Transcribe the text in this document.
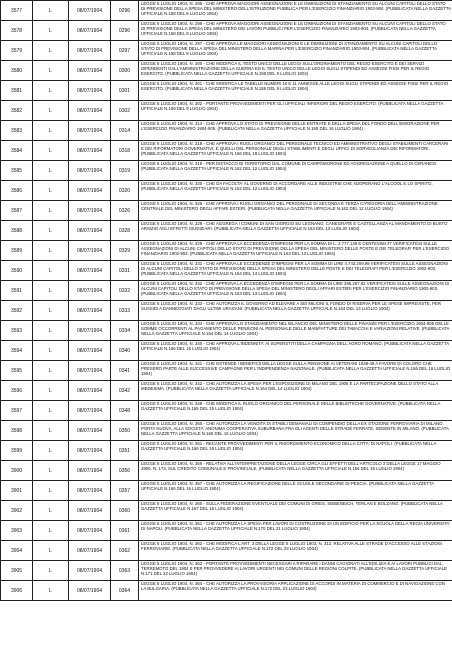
3577	L	08/07/1904	0296	LEGGE 5 LUGLIO 1904, N. 295 - CHE APPROVA MAGGIORI ASSEGNAZIONI E LE DIMINUZIONI DI STANZIAMENTO SU ALCUNI CAPITOLI DELLO STATO DI PREVISIONE DELLA SPESA DEL MINISTERO DELL'ISTRUZIONE PUBBLICA PER L'ESERCIZIO FINANZIARIO 1903-904. (PUBBLICATA NELLA GAZZETTA UFFICIALE N.158 DEL 8 LUGLIO 1904)

3578	L	08/07/1904	0296	LEGGE 5 LUGLIO 1904, N. 296 - CHE APPROVA MAGGIORI ASSEGNAZIONI E LE DIMINUZIONI DI STANZIAMENTO SU ALCUNI CAPITOLI DELLO STATO DI PREVISIONE DELLA SPESA DEL MINISTERO DEI LAVORI PUBBLICI PER L'ESERCIZIO FINANZIARIO 1903-904. (PUBBLICATA NELLA GAZZETTA UFFICIALE N.158 DEL 8 LUGLIO 1904)

3579	L	08/07/1904	0297	LEGGE 5 LUGLIO 1904, N. 297 - CHE APPROVA LE MAGGIORI ASSEGNAZIONI E LE DIMINUZIONI DI STANZIAMENTO SU ALCUNI CAPITOLI DELLO STATO DI PREVISIONE DELLA SPESA DEL MINISTERO DELLA MARINA PER L'ESERCIZIO FINANZIARIO 1903-904. (PUBBLICATA NELLA GAZZETTA UFFICIALE N.158 DEL 8 LUGLIO 1904)

3580	L	08/07/1904	0300	LEGGE 5 LUGLIO 1904, N. 300 - CHE MODIFICA IL TESTO UNICO DELLE LEGGI SULL'ORDINAMENTO DEL REGIO ESERCITO E DEI SERVIZI DIPENDENTI DALL'AMMINISTRAZIONE DELLA GUERRA ED IL TESTO UNICO DELLE LEGGI SUGLI STIPENDI ED ASSEGNI FISSI PER IL REGIO ESERCITO. (PUBBLICATA NELLA GAZZETTA UFFICIALE N.159 DEL 9 LUGLIO 1904)

3581	L	08/07/1904	0301	LEGGE 5 LUGLIO 1904, N. 301 - CHE MODIFICA LE TABELLE NUMERI 10 E 11 ANNESSE ALLE LEGGI SUGLI STIPENDI ED ASSEGNI FISSI PER IL REGIO ESERCITO. (PUBBLICATA NELLA GAZZETTA UFFICIALE N.159 DEL 9 LUGLIO 1904)

3582	L	08/07/1904	0302	LEGGE 5 LUGLIO 1904, N. 302 - PORTANTE PROVVEDIMENTI PER GLI UFFICIALI INFERIORI DEL REGIO ESERCITO. (PUBBLICATA NELLA GAZZETTA UFFICIALE N.159 DEL 9 LUGLIO 1904)

3583	L	08/07/1904	0314	LEGGE 5 LUGLIO 1904, N. 314 - CHE APPROVA LO STATO DI PREVISIONE DELLE ENTRATE E DELLA SPESA DEL FONDO DELL'EMIGRAZIONE PER L'ESERCIZIO FINANZIARIO 1904-905. (PUBBLICATA NELLA GAZZETTA UFFICIALE N.165 DEL 16 LUGLIO 1904)

3584	L	08/07/1904	0318	LEGGE 5 LUGLIO 1904, N. 318 - CHE APPROVA I RUOLI ORGANICI DEL PERSONALE TECNICO ED AMMINISTRATIVO DEGLI STABILIMENTI CARCERARI E DEI RIFORMATORI GOVERNATIVI, E QUELLI DEL PERSONALE DEGLI STABILIMENTI E DEGLI UFFICI DI SORVEGLIANZA DEI RIFORMATORI. (PUBBLICATA NELLA GAZZETTA UFFICIALE N.166 DEL 18 LUGLIO 1904)

3585	L	08/07/1904	0319	LEGGE 5 LUGLIO 1904, N. 319 - PER DISTACCO DI TERRITORIO DAL COMUNE DI CAMPOMORONE ED AGGREGAZIONE A QUELLO DI CERANESI. (PUBBLICATA NELLA GAZZETTA UFFICIALE N.162 DEL 12 LUGLIO 1904)

3586	L	08/07/1904	0320	LEGGE 5 LUGLIO 1904, N. 320 - CHE DA FACOLTA' AL GOVERNO DI ACCORDARE ALLE INDUSTRIE CHE ADOPERANO L'ALCOOL E LO SPIRITO. (PUBBLICATA NELLA GAZZETTA UFFICIALE N.162 DEL 12 LUGLIO 1904)

3587	L	08/07/1904	0326	LEGGE 5 LUGLIO 1904, N. 326 - CHE APPROVA I RUOLI ORGANICI DEL PERSONALE DI SECONDA E TERZA CATEGORIA DELL'AMMINISTRAZIONE CENTRALE DEL MINISTERO DEGLI AFFARI ESTERI. (PUBBLICATA NELLA GAZZETTA UFFICIALE N.162 DEL 12 LUGLIO 1904)

3588	L	08/07/1904	0328	LEGGE 5 LUGLIO 1904, N. 328 - CHE AGGREGA I COMUNI DI SAN GIORGIO SU LEGNANO, CANEGRATE E CASTELLANZA AL MANDAMENTO DI BUSTO ARSIZIO AGLI EFFETTI GIUDIZIARI. (PUBBLICATA NELLA GAZZETTA UFFICIALE N.163 DEL 13 LUGLIO 1904)

3589	L	08/07/1904	0329	LEGGE 5 LUGLIO 1904, N. 329 - CHE APPROVA LA ECCEDENZA D'IMPEGNI PER LA SOMMA DI L. 2.777.148 E CENTESIMI 47 VERIFICATESI SULLE ASSEGNAZIONI DI ALCUNI CAPITOLI DELLO STATO DI PREVISIONE DELLA SPESA DEL MINISTERO DELLE POSTE E DEI TELEGRAFI PER L'ESERCIZIO FINANZIARIO 1902-903. (PUBBLICATA NELLA GAZZETTA UFFICIALE N.163 DEL 13 LUGLIO 1904)

3590	L	08/07/1904	0331	LEGGE 5 LUGLIO 1904, N. 331 - CHE APPROVA LE ECCEDENZE D'IMPEGNI PER LA SOMMA DI LIRE 4.743.209,99 VERIFICATESI SULLE ASSEGNAZIONI DI ALCUNI CAPITOLI DELLO STATO DI PREVISIONE DELLA SPESA DEL MINISTERO DELLE POSTE E DEI TELEGRAFI PER L'ESERCIZIO 1902-903. (PUBBLICATA NELLA GAZZETTA UFFICIALE N.164 DEL 14 LUGLIO 1904)

3591	L	08/07/1904	0332	LEGGE 5 LUGLIO 1904, N. 332 - CHE APPROVA LA ECCEDENZA D'IMPEGNI PER LA SOMMA DI LIRE 295.267,92 VERIFICATESI SULLE ASSEGNAZIONI DI ALCUNI CAPITOLI DELLO STATO DI PREVISIONE DELLA SPESA DEL MINISTERO DEGLI AFFARI ESTERI PER L'ESERCIZIO FINANZIARIO 1902-903. (PUBBLICATA NELLA GAZZETTA UFFICIALE N.163 DEL 13 LUGLIO 1904)

3592	L	08/07/1904	0333	LEGGE 5 LUGLIO 1904, N. 333 - CHE AUTORIZZA IL GOVERNO AD ELEVARE A SEI MILIONI IL FONDO DI RISERVA PER LE SPESE IMPREVISTE, PER SUSSIDI A DANNEGGIATI DAGLI ULTIMI URAGANI. (PUBBLICATA NELLA GAZZETTA UFFICIALE N.163 DEL 13 LUGLIO 1904)

3593	L	08/07/1904	0334	LEGGE 5 LUGLIO 1904, N. 334 - CHE APPROVA LO STANZIAMENTO NEL BILANCIO DEL MINISTERO DELLE FINANZE PER L'ESERCIZIO 1904-905 DELLE SOMME OCCORRENTI AL PAGAMENTO DELLE PENSIONI AL PERSONALE DELLE MANIFATTURE DEI TABACCHI E VARIAZIONI RELATIVE. (PUBBLICATA NELLA GAZZETTA UFFICIALE N.164 DEL 14 LUGLIO 1904)

3594	L	08/07/1904	0340	LEGGE 5 LUGLIO 1904, N. 340 - CHE APPROVA L'INDENNITA' AI SUPERSTITI DELLA CAMPAGNA DELL'AGRO ROMANO. (PUBBLICATA NELLA GAZZETTA UFFICIALE N.166 DEL 16 LUGLIO 1904)

3595	L	08/07/1904	0341	LEGGE 5 LUGLIO 1904, N. 341 - CHE ESTENDE I BENEFICII DELLA LEGGE SULLA PENSIONE AI VETERANI 1848-49 A FAVORE DI COLORO CHE PRESERO PARTE ALLE SUCCESSIVE CAMPAGNE PER L'INDIPENDENZA NAZIONALE. (PUBBLICATA NELLA GAZZETTA UFFICIALE N.166 DEL 16 LUGLIO 1904)

3596	L	08/07/1904	0342	LEGGE 5 LUGLIO 1904, N. 342 - CHE AUTORIZZA LA SPESA PER L'ESPOSIZIONE DI MILANO DEL 1906 E LA PARTECIPAZIONE DELLO STATO ALLA MEDESIMA. (PUBBLICATA NELLA GAZZETTA UFFICIALE N.164 DEL 14 LUGLIO 1904)

3597	L	08/07/1904	0348	LEGGE 5 LUGLIO 1904, N. 348 - CHE MODIFICA IL RUOLO ORGANICO DEL PERSONALE DELLE BIBLIOTECHE GOVERNATIVE. (PUBBLICATA NELLA GAZZETTA UFFICIALE N.165 DEL 15 LUGLIO 1904)

3598	L	08/07/1904	0350	LEGGE 5 LUGLIO 1904, N. 350 - CHE AUTORIZZA LA VENDITA DI STABILI DEMANIALI DI COMPENDIO DELLA EX STAZIONE FERROVIARIA DI MILANO, PORTA NUOVA, ALLA SOCIETA' ANONIMA COOPERATIVA SUBURBANA FRA GLI AGENTI DELLE STRADE FERRATE. SEDENTE IN MILANO. (PUBBLICATA NELLA GAZZETTA UFFICIALE N.166 DEL 16 LUGLIO 1904)

3599	L	08/07/1904	0351	LEGGE 5 LUGLIO 1904, N. 351 - RECANTE PROVVEDIMENTI PER IL RISORGIMENTO ECONOMICO DELLA CITTA' DI NAPOLI. (PUBBLICATA NELLA GAZZETTA UFFICIALE N.166 DEL 16 LUGLIO 1904)

3900	L	08/07/1904	0356	LEGGE 5 LUGLIO 1904, N. 356 - RELATIVA ALL'INTERPRETAZIONE DELLA LEGGE CIRCA GLI EFFETTI DELL'ARTICOLO 3 DELLA LEGGE 17 MAGGIO 1900, N. 173, SUL CREDITO COMUNALE E PROVINCIALE. (PUBBLICATA NELLA GAZZETTA UFFICIALE N.166 DEL 16 LUGLIO 1904)

3901	L	08/07/1904	0357	LEGGE 5 LUGLIO 1904, N. 357 - CHE AUTORIZZA LA REGIFICAZIONE DELLE SCUOLE SECONDARIE DI PESCIA. (PUBBLICATA NELLA GAZZETTA UFFICIALE N.166 DEL 16 LUGLIO 1904)

3902	L	08/07/1904	0360	LEGGE 5 LUGLIO 1904, N. 360 - SULLA FEDERAZIONE EVENTUALE DEI COMUNI DI GRIES, SIEBENEICH, TERLAN E BOLZANO. (PUBBLICATA NELLA GAZZETTA UFFICIALE N.167 DEL 18 LUGLIO 1904)

3903	L	08/07/1904	0361	LEGGE 5 LUGLIO 1904, N. 361 - CHE AUTORIZZA LA SPESA PER LAVORI DI COSTRUZIONE DI UN EDIFICIO PER LA SCUOLA DELLA REGIA UNIVERSITA' DI NAPOLI. (PUBBLICATA NELLA GAZZETTA UFFICIALE N.170 DEL 21 LUGLIO 1904)

3904	L	08/07/1904	0362	LEGGE 5 LUGLIO 1904, N. 362 - CHE MODIFICA L'ART. 3 DELLA LEGGE 8 LUGLIO 1903, N. 312, RELATIVA ALLE STRADE D'ACCESSO ALLE STAZIONI FERROVIARIE. (PUBBLICATA NELLA GAZZETTA UFFICIALE N.172 DEL 23 LUGLIO 1904)

3905	L	08/07/1904	0363	LEGGE 5 LUGLIO 1904, N. 363 - PORTANTE PROVVEDIMENTI NECESSARI A RIPARARE I DANNI CAGIONATI ALL'EDILIZIA E AI LAVORI PUBBLICI DAL TERREMOTO DEL 1904 E PER PROVVEDERE AI LAVORI URGENTI NEI COMUNI DELLE REGIONI COLPITE. (PUBBLICATA NELLA GAZZETTA UFFICIALE N.171 DEL 22 LUGLIO 1904)

3906	L	08/07/1904	0364	LEGGE 5 LUGLIO 1904, N. 364 - CHE AUTORIZZA LA PROVVISORIA APPLICAZIONE DI ACCORDI IN MATERIA DI COMMERCIO E DI NAVIGAZIONE CON LA BULGARIA. (PUBBLICATA NELLA GAZZETTA UFFICIALE N.172 DEL 23 LUGLIO 1904)
